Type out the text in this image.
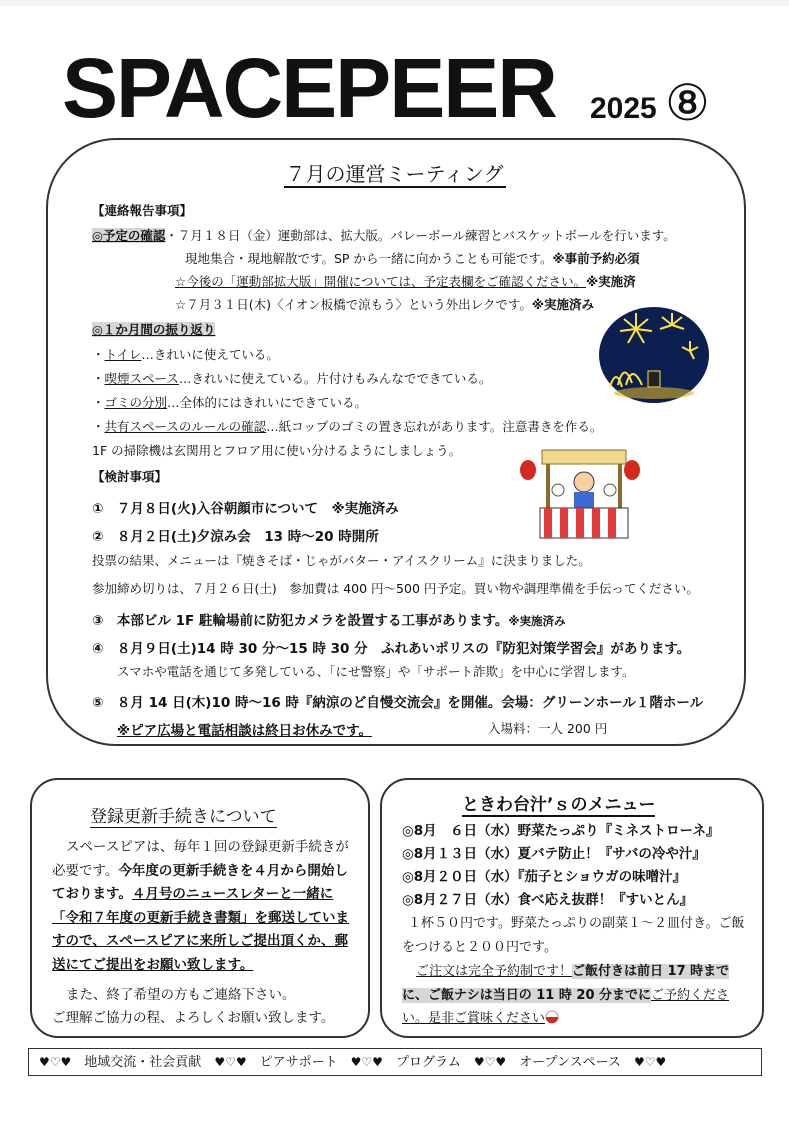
SPACEPEER 2025 ⑧
７月の運営ミーティング
【連絡報告事項】
◎予定の確認・７月１８日（金）運動部は、拡大版。バレーボール練習とバスケットボールを行います。
現地集合・現地解散です。SP から一緒に向かうことも可能です。※事前予約必須
☆今後の「運動部拡大版」開催については、予定表欄をご確認ください。※実施済
☆７月３１日(木)〈イオン板橋で涼もう〉という外出レクです。※実施済み
◎１か月間の振り返り
・トイレ…きれいに使えている。
・喫煙スペース…きれいに使えている。片付けもみんなでできている。
・ゴミの分別…全体的にはきれいにできている。
・共有スペースのルールの確認…紙コップのゴミの置き忘れがあります。注意書きを作る。
1F の掃除機は玄関用とフロア用に使い分けるようにしましょう。
【検討事項】
①　７月８日(火)入谷朝顔市について　※実施済み
②　８月２日(土)夕涼み会　13 時～20 時開所
投票の結果、メニューは『焼きそば・じゃがバター・アイスクリーム』に決まりました。
参加締め切りは、７月２６日(土)　参加費は 400 円～500 円予定。買い物や調理準備を手伝ってください。
③　本部ビル 1F 駐輪場前に防犯カメラを設置する工事があります。※実施済み
④　８月９日(土)14 時 30 分～15 時 30 分　ふれあいポリスの『防犯対策学習会』があります。
スマホや電話を通じて多発している、「にせ警察」や「サポート詐欺」を中心に学習します。
⑤　８月 14 日(木)10 時～16 時『納涼のど自慢交流会』を開催。会場：グリーンホール１階ホール
※ピア広場と電話相談は終日お休みです。	入場料：一人 200 円
登録更新手続きについて
スペースピアは、毎年１回の登録更新手続きが必要です。今年度の更新手続きを４月から開始しております。４月号のニュースレターと一緒に「令和７年度の更新手続き書類」を郵送していますので、スペースピアに来所しご提出頂くか、郵送にてご提出をお願い致します。
また、終了希望の方もご連絡下さい。
ご理解ご協力の程、よろしくお願い致します。
ときわ台汁’ｓのメニュー
◎8月　６日（水）野菜たっぷり『ミネストローネ』
◎8月１３日（水）夏バテ防止！『サバの冷や汁』
◎8月２０日（水）『茄子とショウガの味噌汁』
◎8月２７日（水）食べ応え抜群！『すいとん』
１杯５０円です。野菜たっぷりの副菜１～２皿付き。ご飯をつけると２００円です。
ご注文は完全予約制です！ご飯付きは前日 17 時までに、ご飯ナシは当日の 11 時 20 分までにご予約ください。是非ご賞味ください
♥♡♥　 地域交流・社会貢献　 ♥♡♥　 ピアサポート　 ♥♡♥　 プログラム　 ♥♡♥　 オープンスペース　 ♥♡♥
